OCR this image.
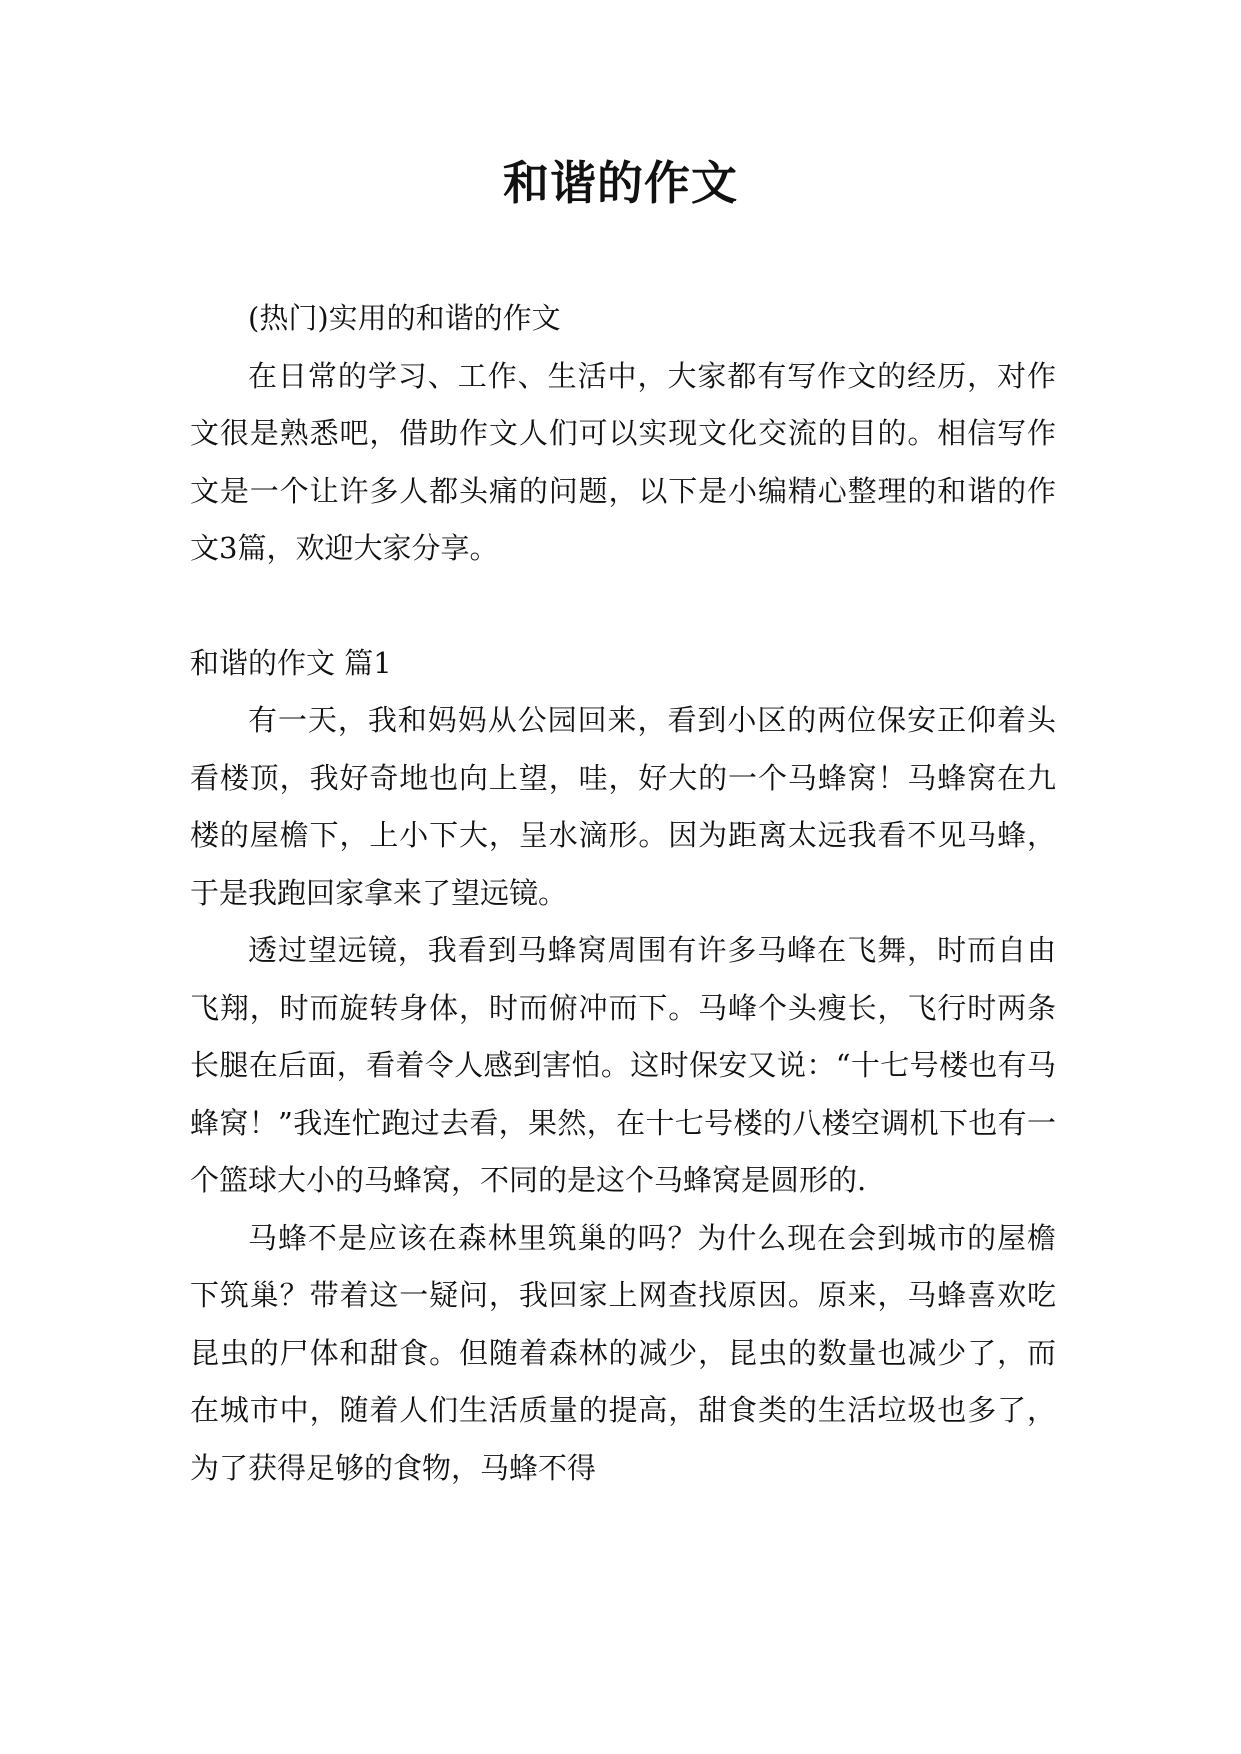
和谐的作文

(热门)实用的和谐的作文

在日常的学习、工作、生活中，大家都有写作文的经历，对作文很是熟悉吧，借助作文人们可以实现文化交流的目的。相信写作文是一个让许多人都头痛的问题，以下是小编精心整理的和谐的作文3篇，欢迎大家分享。

和谐的作文 篇1

有一天，我和妈妈从公园回来，看到小区的两位保安正仰着头看楼顶，我好奇地也向上望，哇，好大的一个马蜂窝！马蜂窝在九楼的屋檐下，上小下大，呈水滴形。因为距离太远我看不见马蜂，于是我跑回家拿来了望远镜。

透过望远镜，我看到马蜂窝周围有许多马峰在飞舞，时而自由飞翔，时而旋转身体，时而俯冲而下。马峰个头瘦长，飞行时两条长腿在后面，看着令人感到害怕。这时保安又说：“十七号楼也有马蜂窝！”我连忙跑过去看，果然，在十七号楼的八楼空调机下也有一个篮球大小的马蜂窝，不同的是这个马蜂窝是圆形的.

马蜂不是应该在森林里筑巢的吗？为什么现在会到城市的屋檐下筑巢？带着这一疑问，我回家上网查找原因。原来，马蜂喜欢吃昆虫的尸体和甜食。但随着森林的减少，昆虫的数量也减少了，而在城市中，随着人们生活质量的提高，甜食类的生活垃圾也多了，为了获得足够的食物，马蜂不得
